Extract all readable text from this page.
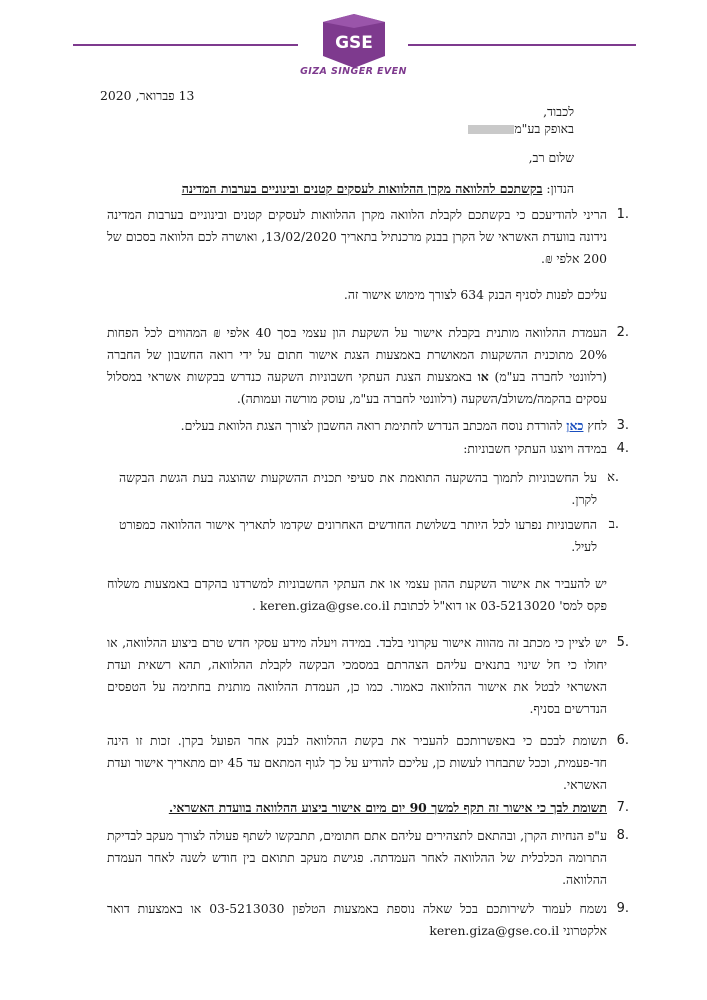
GSE
GIZA SINGER EVEN
13 פברואר, 2020
לכבוד,
באופק בע"מ
שלום רב,
הנדון: בקשתכם להלוואה מקרן ההלוואות לעסקים קטנים ובינוניים בערבות המדינה
.1
הריני להודיעכם כי בקשתכם לקבלת הלוואה מקרן ההלוואות לעסקים קטנים ובינוניים בערבות המדינה נידונה בוועדת האשראי של הקרן בבנק מרכנתיל בתאריך 13/02/2020, ואושרה לכם הלוואה בסכום של 200 אלפי ₪.
עליכם לפנות לסניף הבנק 634 לצורך מימוש אישור זה.
.2
העמדת ההלוואה מותנית בקבלת אישור על השקעת הון עצמי בסך 40 אלפי ₪ המהווים לכל הפחות 20% מתוכנית ההשקעות המאושרת באמצעות הצגת אישור חתום על ידי רואה החשבון של החברה (רלוונטי לחברה בע"מ) או באמצעות הצגת העתקי חשבוניות השקעה כנדרש בבקשות אשראי במסלול עסקים בהקמה/משולב/השקעה (רלוונטי לחברה בע"מ, עוסק מורשה ועמותה).
.3
לחץ כאן להורדת נוסח המכתב הנדרש לחתימת רואה החשבון לצורך הצגת הלוואת בעלים.
.4
במידה ויוצגו העתקי חשבוניות:
.א
על החשבוניות לתמוך בהשקעה התואמת את סעיפי תכנית ההשקעות שהוצגה בעת הגשת הבקשה לקרן.
.ב
החשבוניות נפרעו לכל היותר בשלושת החודשים האחרונים שקדמו לתאריך אישור ההלוואה כמפורט לעיל.
יש להעביר את אישור השקעת ההון עצמי או את העתקי החשבוניות למשרדנו בהקדם באמצעות משלוח פקס למס' 03-5213020 או דוא"ל לכתובת keren.giza@gse.co.il .
.5
יש לציין כי מכתב זה מהווה אישור עקרוני בלבד. במידה ויעלה מידע עסקי חדש טרם ביצוע ההלוואה, או יחולו כי חל שינוי בתנאים עליהם הצהרתם במסמכי הבקשה לקבלת ההלוואה, תהא רשאית ועדת האשראי לבטל את אישור ההלוואה כאמור. כמו כן, העמדת ההלוואה מותנית בחתימה על הטפסים הנדרשים בסניף.
.6
תשומת לבכם כי באפשרותכם להעביר את בקשת ההלוואה לבנק אחר הפועל בקרן. זכות זו הינה חד-פעמית, וככל שתבחרו לעשות כן, עליכם להודיע על כך לגוף המתאם עד 45 יום מתאריך אישור ועדת האשראי.
.7
תשומת לבך כי אישור זה תקף למשך 90 יום מיום אישור ביצוע ההלוואה בוועדת האשראי.
.8
ע"פ הנחיות הקרן, ובהתאם לתצהירים עליהם אתם חתומים, תתבקשו לשתף פעולה לצורך מעקב לבדיקת התרומה הכלכלית של ההלוואה לאחר העמדתה. פגישת מעקב תתואם בין חודש לשנה לאחר העמדת ההלוואה.
.9
נשמח לעמוד לשירותכם בכל שאלה נוספת באמצעות הטלפון 03-5213030 או באמצעות דואר אלקטרוני keren.giza@gse.co.il
